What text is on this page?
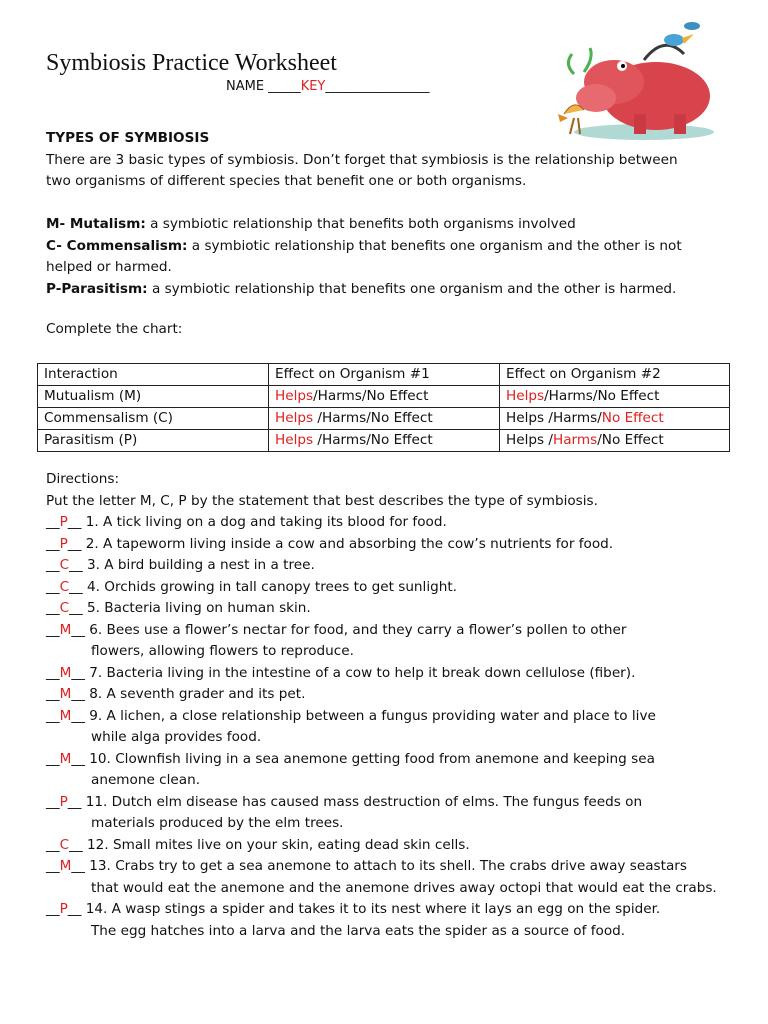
Symbiosis Practice Worksheet
NAME _____KEY________________
TYPES OF SYMBIOSIS
There are 3 basic types of symbiosis. Don’t forget that symbiosis is the relationship between
two organisms of different species that benefit one or both organisms.
M- Mutalism: a symbiotic relationship that benefits both organisms involved
C- Commensalism: a symbiotic relationship that benefits one organism and the other is not
helped or harmed.
P-Parasitism: a symbiotic relationship that benefits one organism and the other is harmed.
Complete the chart:
Interaction	Effect on Organism #1	Effect on Organism #2
Mutualism (M)	Helps/Harms/No Effect	Helps/Harms/No Effect
Commensalism (C)	Helps /Harms/No Effect	Helps /Harms/No Effect
Parasitism (P)	Helps /Harms/No Effect	Helps /Harms/No Effect
Directions:
Put the letter M, C, P by the statement that best describes the type of symbiosis.
__P__ 1. A tick living on a dog and taking its blood for food.
__P__ 2. A tapeworm living inside a cow and absorbing the cow’s nutrients for food.
__C__ 3. A bird building a nest in a tree.
__C__ 4. Orchids growing in tall canopy trees to get sunlight.
__C__ 5. Bacteria living on human skin.
__M__ 6. Bees use a flower’s nectar for food, and they carry a flower’s pollen to other
flowers, allowing flowers to reproduce.
__M__ 7. Bacteria living in the intestine of a cow to help it break down cellulose (fiber).
__M__ 8. A seventh grader and its pet.
__M__ 9. A lichen, a close relationship between a fungus providing water and place to live
while alga provides food.
__M__ 10. Clownfish living in a sea anemone getting food from anemone and keeping sea
anemone clean.
__P__ 11. Dutch elm disease has caused mass destruction of elms. The fungus feeds on
materials produced by the elm trees.
__C__ 12. Small mites live on your skin, eating dead skin cells.
__M__ 13. Crabs try to get a sea anemone to attach to its shell. The crabs drive away seastars
that would eat the anemone and the anemone drives away octopi that would eat the crabs.
__P__ 14. A wasp stings a spider and takes it to its nest where it lays an egg on the spider.
The egg hatches into a larva and the larva eats the spider as a source of food.
